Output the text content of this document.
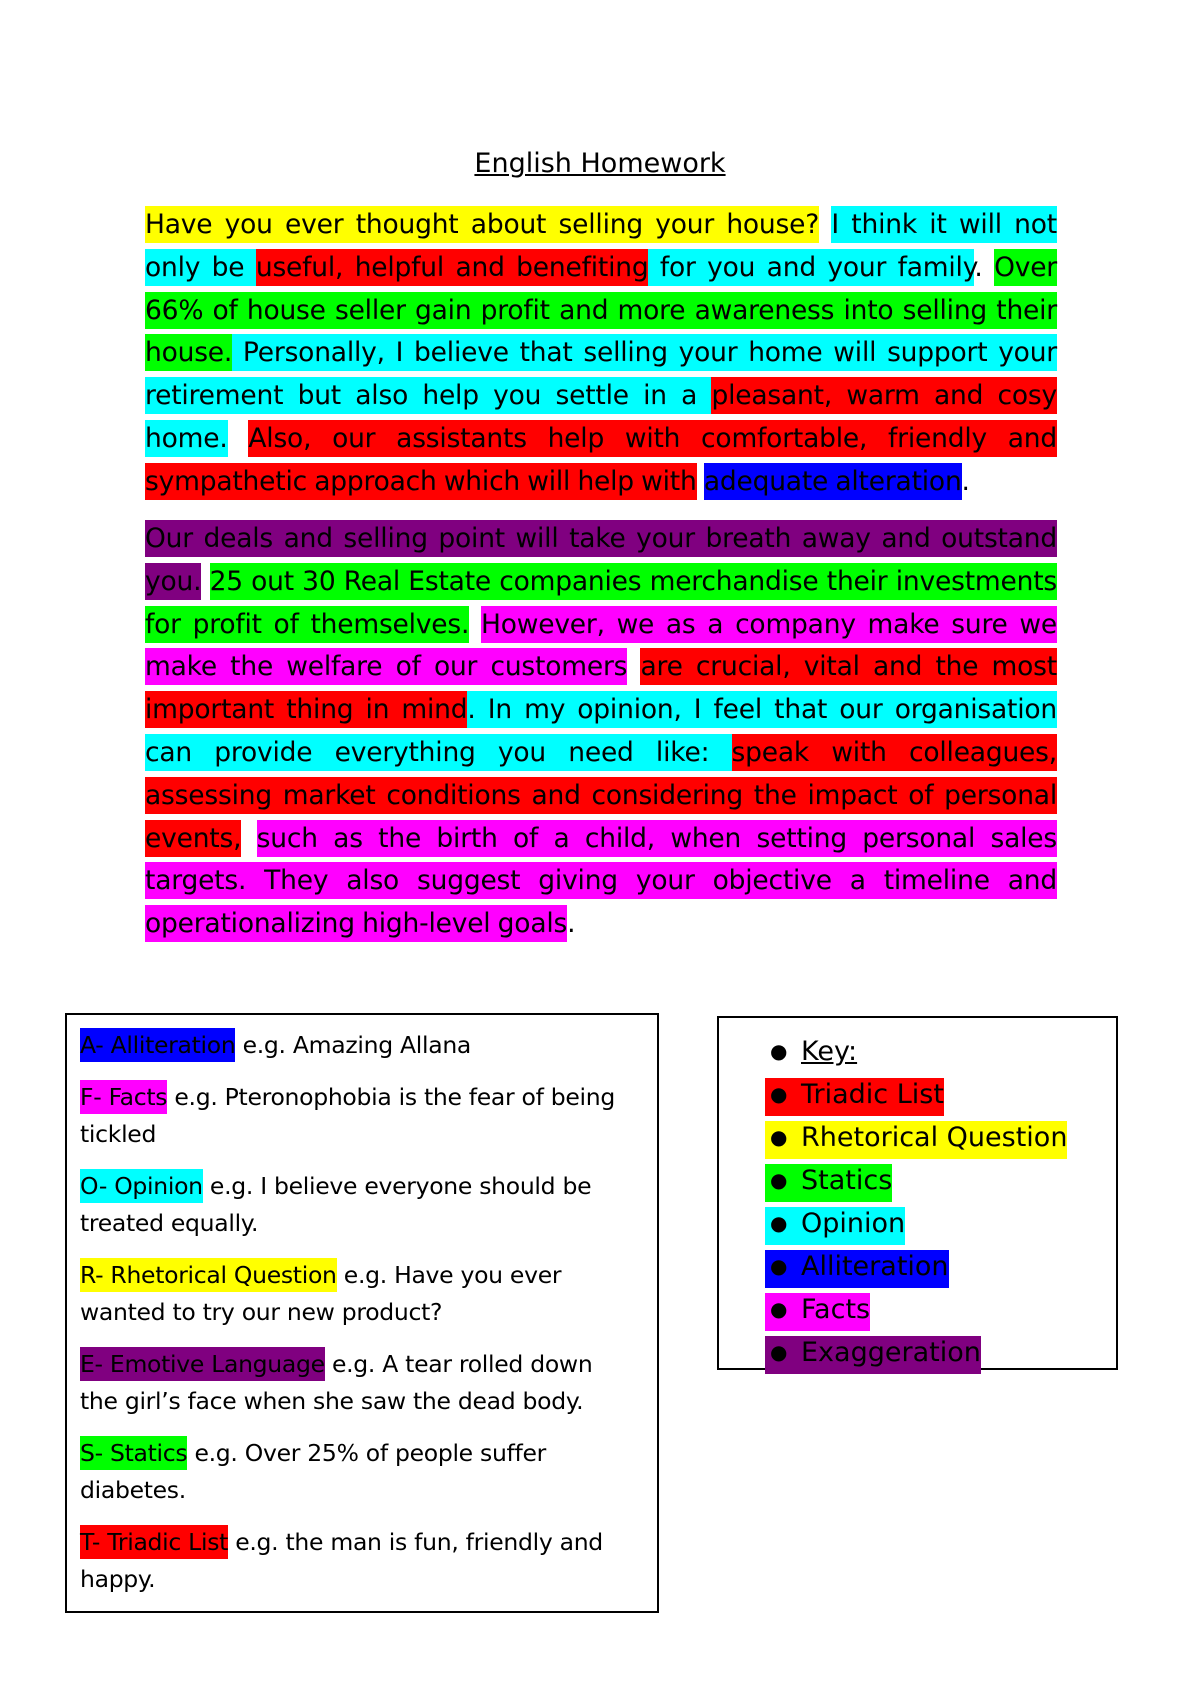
English Homework
Have you ever thought about selling your house? I think it will not only be useful, helpful and benefiting for you and your family. Over 66% of house seller gain profit and more awareness into selling their house. Personally, I believe that selling your home will support your retirement but also help you settle in a pleasant, warm and cosy home. Also, our assistants help with comfortable, friendly and sympathetic approach which will help with adequate alteration.
Our deals and selling point will take your breath away and outstand you. 25 out 30 Real Estate companies merchandise their investments for profit of themselves. However, we as a company make sure we make the welfare of our customers are crucial, vital and the most important thing in mind. In my opinion, I feel that our organisation can provide everything you need like: speak with colleagues, assessing market conditions and considering the impact of personal events, such as the birth of a child, when setting personal sales targets. They also suggest giving your objective a timeline and operationalizing high-level goals.
A- Alliteration e.g. Amazing Allana
F- Facts e.g. Pteronophobia is the fear of being tickled
O- Opinion e.g. I believe everyone should be treated equally.
R- Rhetorical Question e.g. Have you ever wanted to try our new product?
E- Emotive Language e.g. A tear rolled down the girl’s face when she saw the dead body.
S- Statics e.g. Over 25% of people suffer diabetes.
T- Triadic List e.g. the man is fun, friendly and happy.
● Key:
● Triadic List
● Rhetorical Question
● Statics
● Opinion
● Alliteration
● Facts
● Exaggeration
